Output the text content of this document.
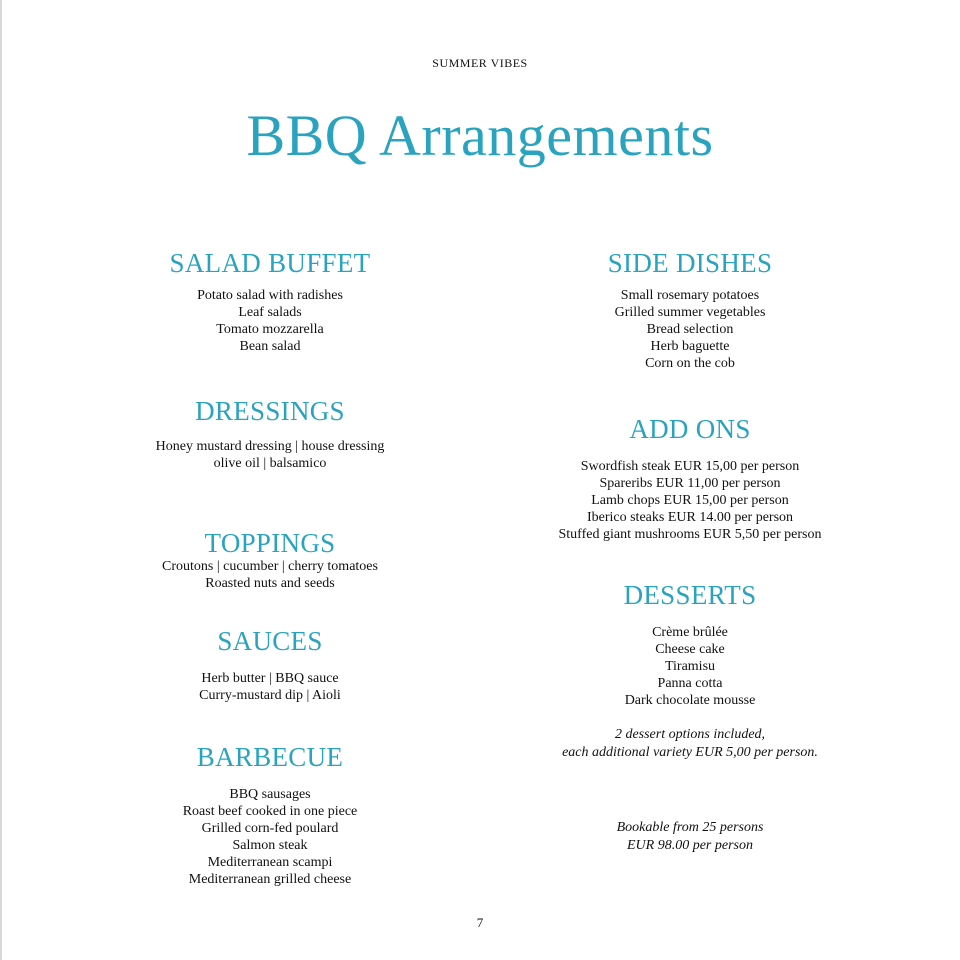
SUMMER VIBES
BBQ Arrangements
SALAD BUFFET
Potato salad with radishes
Leaf salads
Tomato mozzarella
Bean salad
DRESSINGS
Honey mustard dressing | house dressing
olive oil | balsamico
TOPPINGS
Croutons | cucumber | cherry tomatoes
Roasted nuts and seeds
SAUCES
Herb butter | BBQ sauce
Curry-mustard dip | Aioli
BARBECUE
BBQ sausages
Roast beef cooked in one piece
Grilled corn-fed poulard
Salmon steak
Mediterranean scampi
Mediterranean grilled cheese
SIDE DISHES
Small rosemary potatoes
Grilled summer vegetables
Bread selection
Herb baguette
Corn on the cob
ADD ONS
Swordfish steak EUR 15,00 per person
Spareribs EUR 11,00 per person
Lamb chops EUR 15,00 per person
Iberico steaks EUR 14.00 per person
Stuffed giant mushrooms EUR 5,50 per person
DESSERTS
Crème brûlée
Cheese cake
Tiramisu
Panna cotta
Dark chocolate mousse
2 dessert options included,
each additional variety EUR 5,00 per person.
Bookable from 25 persons
EUR 98.00 per person
7
